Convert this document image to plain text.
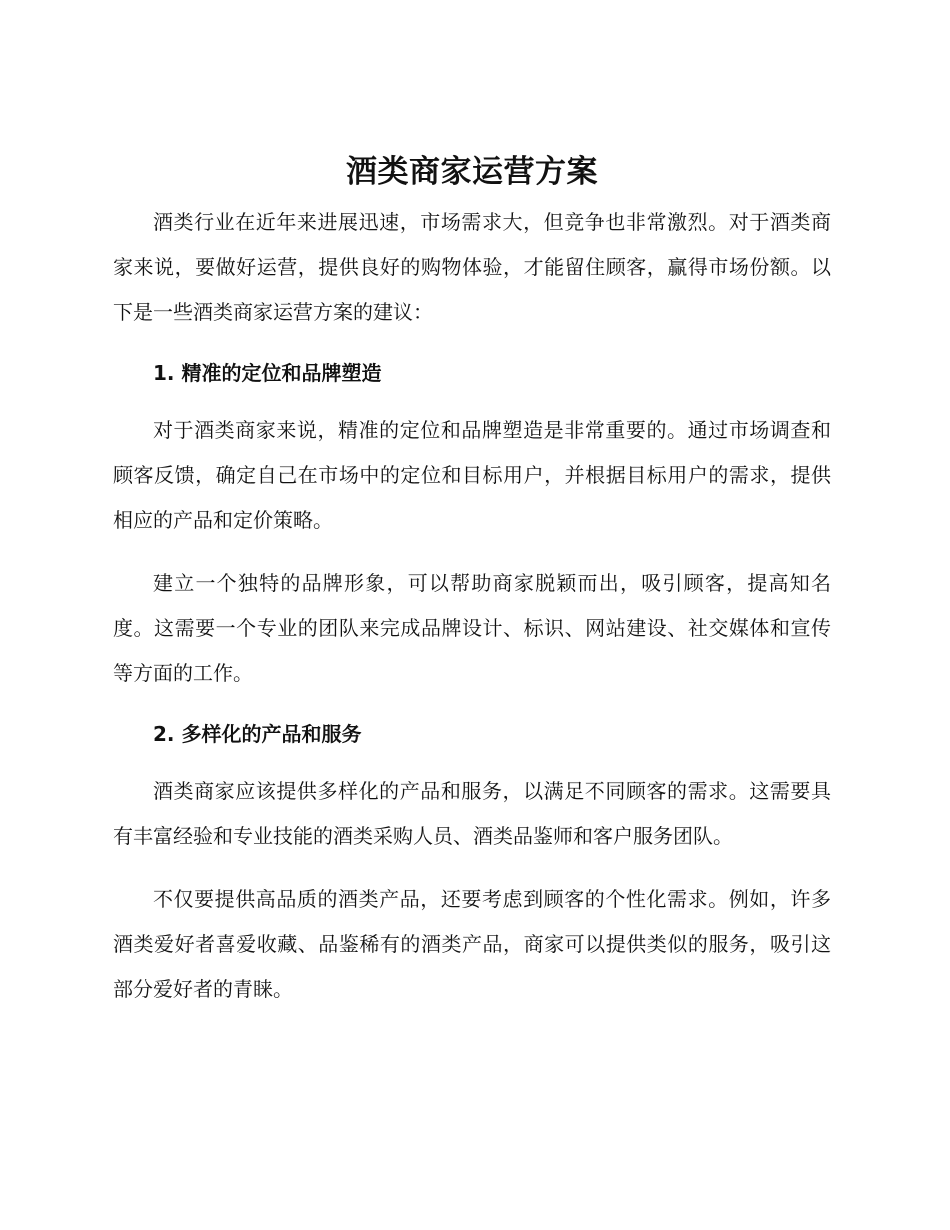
酒类商家运营方案

酒类行业在近年来进展迅速，市场需求大，但竞争也非常激烈。对于酒类商家来说，要做好运营，提供良好的购物体验，才能留住顾客，赢得市场份额。以下是一些酒类商家运营方案的建议：

1. 精准的定位和品牌塑造

对于酒类商家来说，精准的定位和品牌塑造是非常重要的。通过市场调查和顾客反馈，确定自己在市场中的定位和目标用户，并根据目标用户的需求，提供相应的产品和定价策略。

建立一个独特的品牌形象，可以帮助商家脱颖而出，吸引顾客，提高知名度。这需要一个专业的团队来完成品牌设计、标识、网站建设、社交媒体和宣传等方面的工作。

2. 多样化的产品和服务

酒类商家应该提供多样化的产品和服务，以满足不同顾客的需求。这需要具有丰富经验和专业技能的酒类采购人员、酒类品鉴师和客户服务团队。

不仅要提供高品质的酒类产品，还要考虑到顾客的个性化需求。例如，许多酒类爱好者喜爱收藏、品鉴稀有的酒类产品，商家可以提供类似的服务，吸引这部分爱好者的青睐。
